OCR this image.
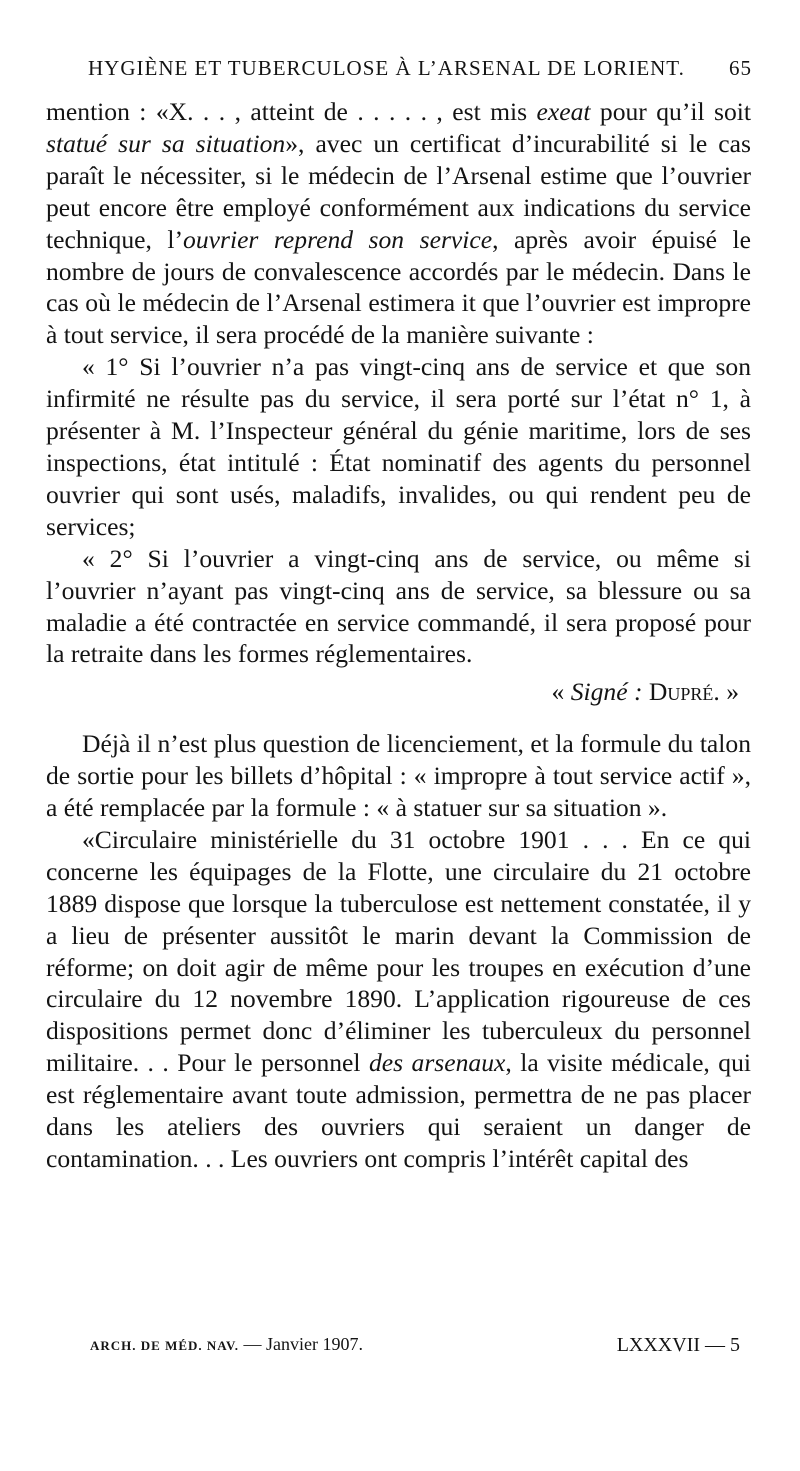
HYGIÈNE ET TUBERCULOSE À L’ARSENAL DE LORIENT. 65

mention : «X. . . , atteint de . . . . . , est mis exeat pour qu’il soit statué sur sa situation», avec un certificat d’incurabilité si le cas paraît le nécessiter, si le médecin de l’Arsenal estime que l’ouvrier peut encore être employé conformément aux indications du service technique, l’ouvrier reprend son service, après avoir épuisé le nombre de jours de convalescence accordés par le médecin. Dans le cas où le médecin de l’Arsenal estimera it que l’ouvrier est impropre à tout service, il sera procédé de la manière suivante :

« 1° Si l’ouvrier n’a pas vingt-cinq ans de service et que son infirmité ne résulte pas du service, il sera porté sur l’état n° 1, à présenter à M. l’Inspecteur général du génie maritime, lors de ses inspections, état intitulé : État nominatif des agents du personnel ouvrier qui sont usés, maladifs, invalides, ou qui rendent peu de services;

« 2° Si l’ouvrier a vingt-cinq ans de service, ou même si l’ouvrier n’ayant pas vingt-cinq ans de service, sa blessure ou sa maladie a été contractée en service commandé, il sera proposé pour la retraite dans les formes réglementaires.

« Signé : Dupré. »

Déjà il n’est plus question de licenciement, et la formule du talon de sortie pour les billets d’hôpital : « impropre à tout service actif », a été remplacée par la formule : « à statuer sur sa situation ».

«Circulaire ministérielle du 31 octobre 1901 . . . En ce qui concerne les équipages de la Flotte, une circulaire du 21 octobre 1889 dispose que lorsque la tuberculose est nettement constatée, il y a lieu de présenter aussitôt le marin devant la Commission de réforme; on doit agir de même pour les troupes en exécution d’une circulaire du 12 novembre 1890. L’application rigoureuse de ces dispositions permet donc d’éliminer les tuberculeux du personnel militaire. . . Pour le personnel des arsenaux, la visite médicale, qui est réglementaire avant toute admission, permettra de ne pas placer dans les ateliers des ouvriers qui seraient un danger de contamination. . . Les ouvriers ont compris l’intérêt capital des

ARCH. DE MÉD. NAV. — Janvier 1907.	LXXXVII — 5
